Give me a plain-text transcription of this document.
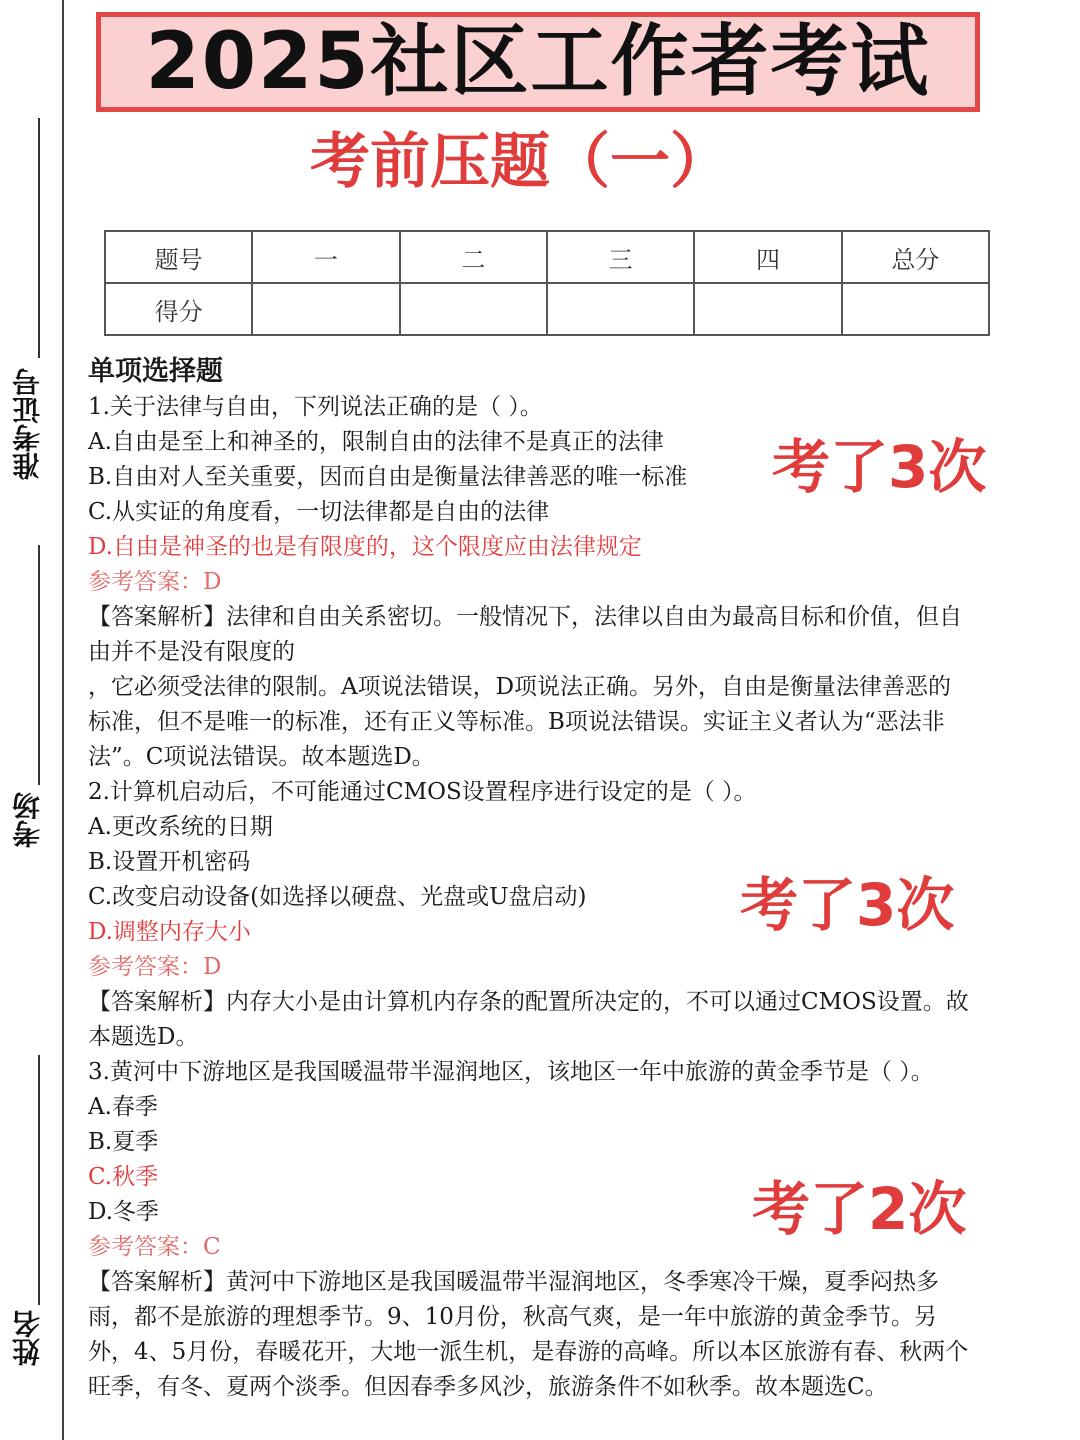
准考证号
考场
姓名
2025社区工作者考试
考前压题（一）
题号	一	二	三	四	总分
得分					
单项选择题
1.关于法律与自由，下列说法正确的是（ ）。
A.自由是至上和神圣的，限制自由的法律不是真正的法律
B.自由对人至关重要，因而自由是衡量法律善恶的唯一标准
C.从实证的角度看，一切法律都是自由的法律
D.自由是神圣的也是有限度的，这个限度应由法律规定
参考答案：D
【答案解析】法律和自由关系密切。一般情况下，法律以自由为最高目标和价值，但自
由并不是没有限度的
，它必须受法律的限制。A项说法错误，D项说法正确。另外，自由是衡量法律善恶的
标准，但不是唯一的标准，还有正义等标准。B项说法错误。实证主义者认为“恶法非
法”。C项说法错误。故本题选D。
2.计算机启动后，不可能通过CMOS设置程序进行设定的是（ ）。
A.更改系统的日期
B.设置开机密码
C.改变启动设备(如选择以硬盘、光盘或U盘启动)
D.调整内存大小
参考答案：D
【答案解析】内存大小是由计算机内存条的配置所决定的，不可以通过CMOS设置。故
本题选D。
3.黄河中下游地区是我国暖温带半湿润地区，该地区一年中旅游的黄金季节是（ ）。
A.春季
B.夏季
C.秋季
D.冬季
参考答案：C
【答案解析】黄河中下游地区是我国暖温带半湿润地区，冬季寒冷干燥，夏季闷热多
雨，都不是旅游的理想季节。9、10月份，秋高气爽，是一年中旅游的黄金季节。另
外，4、5月份，春暖花开，大地一派生机，是春游的高峰。所以本区旅游有春、秋两个
旺季，有冬、夏两个淡季。但因春季多风沙，旅游条件不如秋季。故本题选C。
考了3次
考了3次
考了2次
